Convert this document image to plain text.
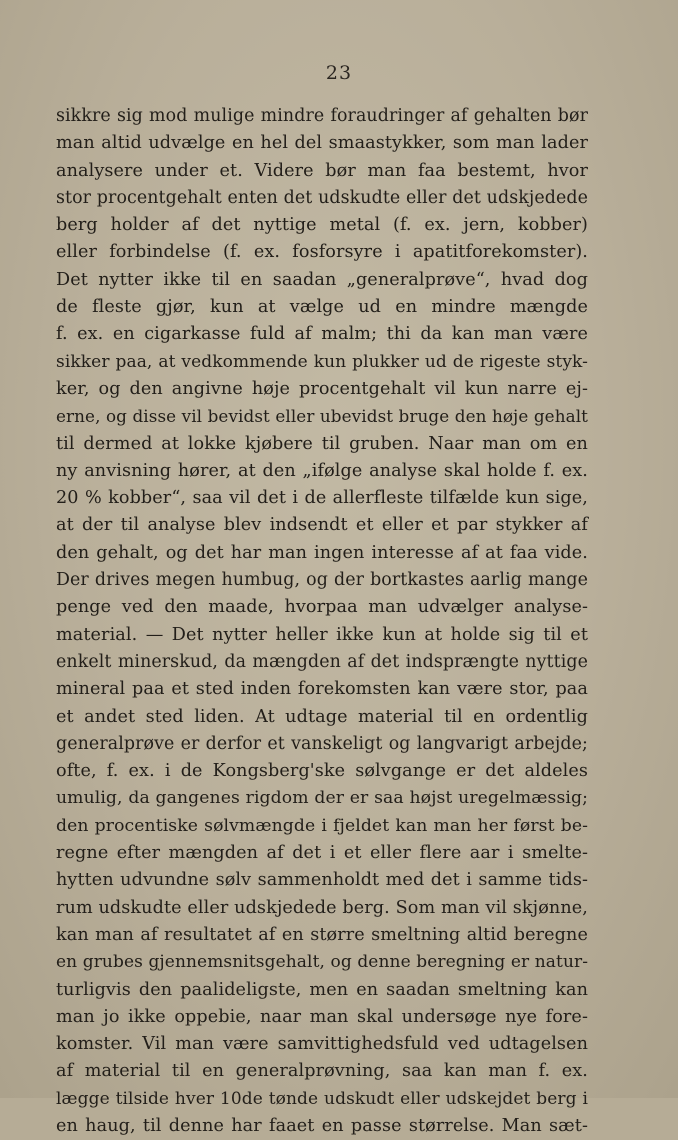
23
sikkre sig mod mulige mindre foraudringer af gehalten bør
man altid udvælge en hel del smaastykker, som man lader
analysere under et. Videre bør man faa bestemt, hvor
stor procentgehalt enten det udskudte eller det udskjedede
berg holder af det nyttige metal (f. ex. jern, kobber)
eller forbindelse (f. ex. fosforsyre i apatitforekomster).
Det nytter ikke til en saadan „generalprøve“, hvad dog
de fleste gjør, kun at vælge ud en mindre mængde
f. ex. en cigarkasse fuld af malm; thi da kan man være
sikker paa, at vedkommende kun plukker ud de rigeste styk-
ker, og den angivne høje procentgehalt vil kun narre ej-
erne, og disse vil bevidst eller ubevidst bruge den høje gehalt
til dermed at lokke kjøbere til gruben. Naar man om en
ny anvisning hører, at den „ifølge analyse skal holde f. ex.
20 % kobber“, saa vil det i de allerfleste tilfælde kun sige,
at der til analyse blev indsendt et eller et par stykker af
den gehalt, og det har man ingen interesse af at faa vide.
Der drives megen humbug, og der bortkastes aarlig mange
penge ved den maade, hvorpaa man udvælger analyse-
material. — Det nytter heller ikke kun at holde sig til et
enkelt minerskud, da mængden af det indsprængte nyttige
mineral paa et sted inden forekomsten kan være stor, paa
et andet sted liden. At udtage material til en ordentlig
generalprøve er derfor et vanskeligt og langvarigt arbejde;
ofte, f. ex. i de Kongsberg'ske sølvgange er det aldeles
umulig, da gangenes rigdom der er saa højst uregelmæssig;
den procentiske sølvmængde i fjeldet kan man her først be-
regne efter mængden af det i et eller flere aar i smelte-
hytten udvundne sølv sammenholdt med det i samme tids-
rum udskudte eller udskjedede berg. Som man vil skjønne,
kan man af resultatet af en større smeltning altid beregne
en grubes gjennemsnitsgehalt, og denne beregning er natur-
turligvis den paalideligste, men en saadan smeltning kan
man jo ikke oppebie, naar man skal undersøge nye fore-
komster. Vil man være samvittighedsfuld ved udtagelsen
af material til en generalprøvning, saa kan man f. ex.
lægge tilside hver 10de tønde udskudt eller udskejdet berg i
en haug, til denne har faaet en passe størrelse. Man sæt-
